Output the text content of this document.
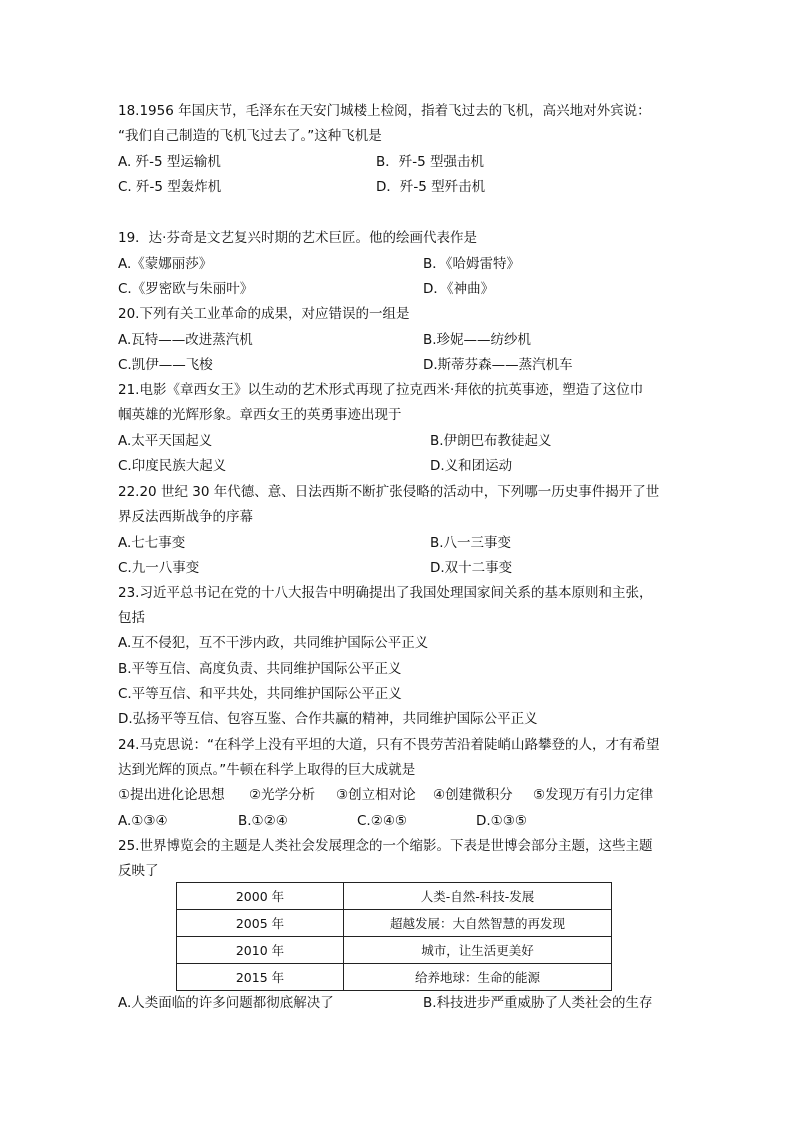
18.1956 年国庆节，毛泽东在天安门城楼上检阅，指着飞过去的飞机，高兴地对外宾说：
“我们自己制造的飞机飞过去了。”这种飞机是
A. 歼-5 型运输机	B．歼-5 型强击机
C. 歼-5 型轰炸机	D．歼-5 型歼击机
19．达·芬奇是文艺复兴时期的艺术巨匠。他的绘画代表作是
A.《蒙娜丽莎》	B．《哈姆雷特》
C.《罗密欧与朱丽叶》	D．《神曲》
20.下列有关工业革命的成果，对应错误的一组是
A.瓦特——改进蒸汽机	B.珍妮——纺纱机
C.凯伊——飞梭	D.斯蒂芬森——蒸汽机车
21.电影《章西女王》以生动的艺术形式再现了拉克西米·拜依的抗英事迹，塑造了这位巾
帼英雄的光辉形象。章西女王的英勇事迹出现于
A.太平天国起义	B.伊朗巴布教徒起义
C.印度民族大起义	D.义和团运动
22.20 世纪 30 年代德、意、日法西斯不断扩张侵略的活动中，下列哪一历史事件揭开了世
界反法西斯战争的序幕
A.七七事变	B.八一三事变
C.九一八事变	D.双十二事变
23.习近平总书记在党的十八大报告中明确提出了我国处理国家间关系的基本原则和主张，
包括
A.互不侵犯，互不干涉内政，共同维护国际公平正义
B.平等互信、高度负责、共同维护国际公平正义
C.平等互信、和平共处，共同维护国际公平正义
D.弘扬平等互信、包容互鉴、合作共赢的精神，共同维护国际公平正义
24.马克思说：“在科学上没有平坦的大道，只有不畏劳苦沿着陡峭山路攀登的人，才有希望
达到光辉的顶点。”牛顿在科学上取得的巨大成就是
①提出进化论思想 ②光学分析 ③创立相对论 ④创建微积分 ⑤发现万有引力定律
A.①③④	B.①②④	C.②④⑤	D.①③⑤
25.世界博览会的主题是人类社会发展理念的一个缩影。下表是世博会部分主题，这些主题
反映了
2000 年	人类-自然-科技-发展
2005 年	超越发展：大自然智慧的再发现
2010 年	城市，让生活更美好
2015 年	给养地球：生命的能源
A.人类面临的许多问题都彻底解决了	B.科技进步严重威胁了人类社会的生存
